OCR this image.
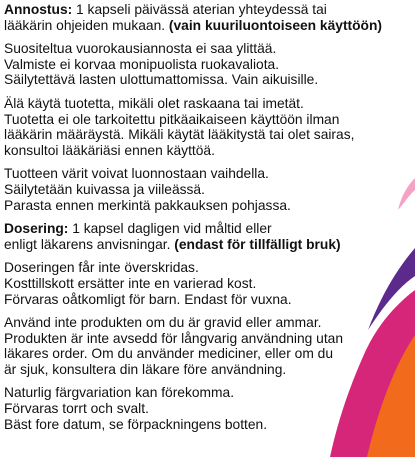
Annostus: 1 kapseli päivässä aterian yhteydessä tai
lääkärin ohjeiden mukaan. (vain kuuriluontoiseen käyttöön)

Suositeltua vuorokausiannosta ei saa ylittää.
Valmiste ei korvaa monipuolista ruokavaliota.
Säilytettävä lasten ulottumattomissa. Vain aikuisille.

Älä käytä tuotetta, mikäli olet raskaana tai imetät.
Tuotetta ei ole tarkoitettu pitkäaikaiseen käyttöön ilman
lääkärin määräystä. Mikäli käytät lääkitystä tai olet sairas,
konsultoi lääkäriäsi ennen käyttöä.

Tuotteen värit voivat luonnostaan vaihdella.
Säilytetään kuivassa ja viileässä.
Parasta ennen merkintä pakkauksen pohjassa.

Dosering: 1 kapsel dagligen vid måltid eller
enligt läkarens anvisningar. (endast för tillfälligt bruk)

Doseringen får inte överskridas.
Kosttillskott ersätter inte en varierad kost.
Förvaras oåtkomligt för barn. Endast för vuxna.

Använd inte produkten om du är gravid eller ammar.
Produkten är inte avsedd för långvarig användning utan
läkares order. Om du använder mediciner, eller om du
är sjuk, konsultera din läkare före användning.

Naturlig färgvariation kan förekomma.
Förvaras torrt och svalt.
Bäst fore datum, se förpackningens botten.
